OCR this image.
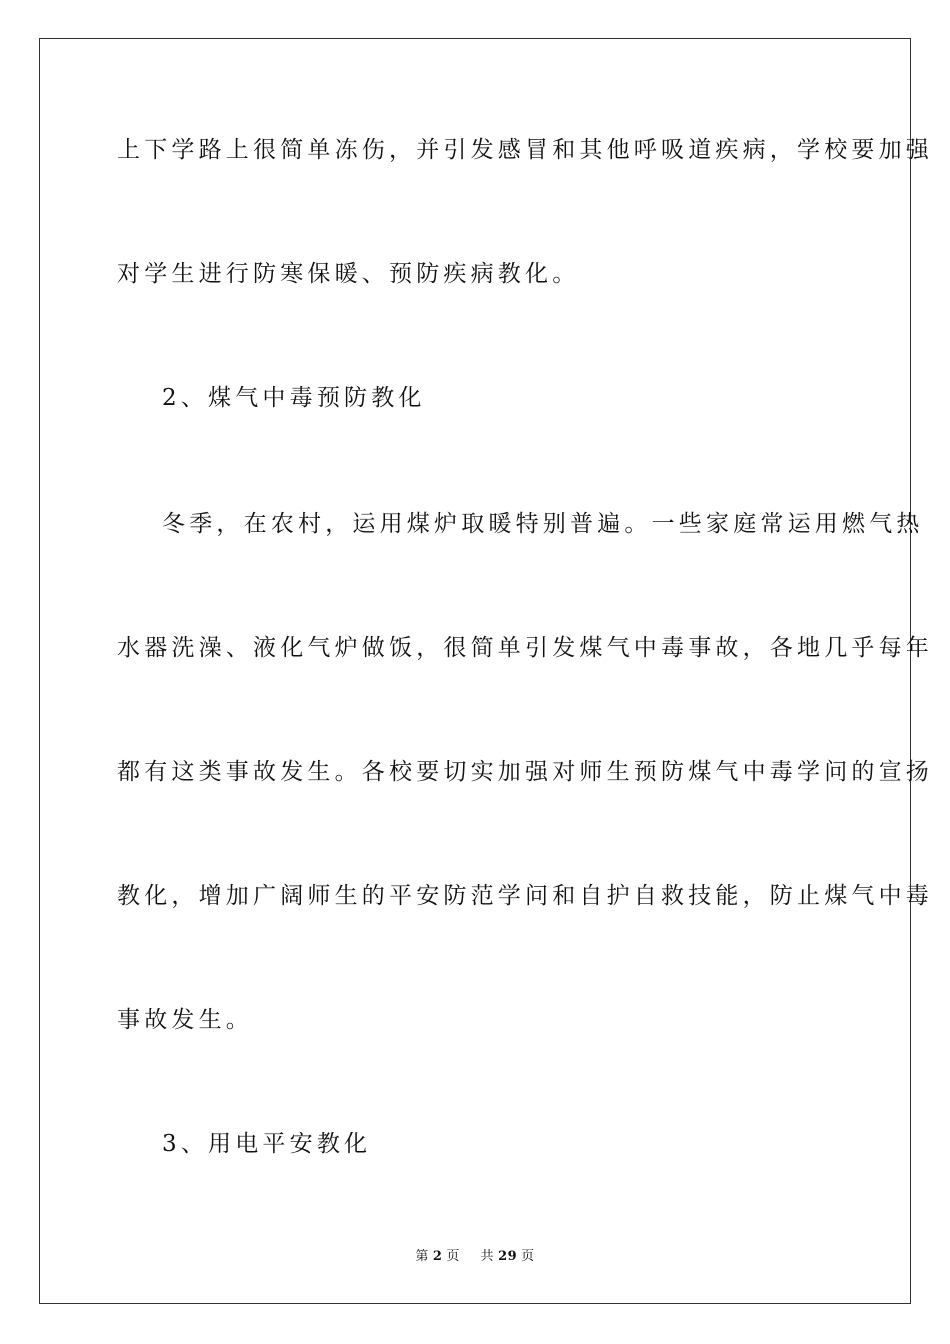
上下学路上很简单冻伤，并引发感冒和其他呼吸道疾病，学校要加强
对学生进行防寒保暖、预防疾病教化。
2、煤气中毒预防教化
冬季，在农村，运用煤炉取暖特别普遍。一些家庭常运用燃气热
水器洗澡、液化气炉做饭，很简单引发煤气中毒事故，各地几乎每年
都有这类事故发生。各校要切实加强对师生预防煤气中毒学问的宣扬
教化，增加广阔师生的平安防范学问和自护自救技能，防止煤气中毒
事故发生。
3、用电平安教化
第 2 页 共 29 页
